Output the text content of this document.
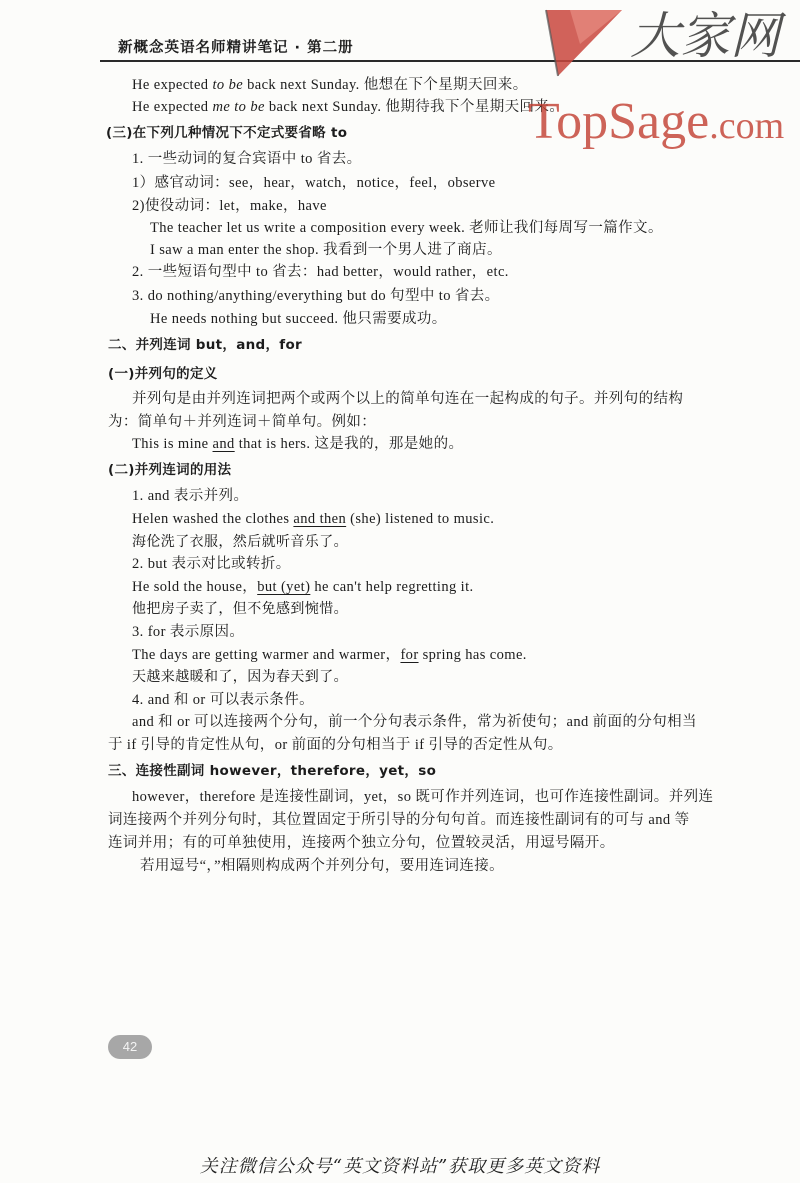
新概念英语名师精讲笔记 · 第二册	大家网
TopSage.com
He expected to be back next Sunday. 他想在下个星期天回来。
He expected me to be back next Sunday. 他期待我下个星期天回来。
(三)在下列几种情况下不定式要省略 to
1. 一些动词的复合宾语中 to 省去。
1）感官动词：see，hear，watch，notice，feel，observe
2)使役动词：let，make，have
The teacher let us write a composition every week. 老师让我们每周写一篇作文。
I saw a man enter the shop. 我看到一个男人进了商店。
2. 一些短语句型中 to 省去：had better，would rather，etc.
3. do nothing/anything/everything but do 句型中 to 省去。
He needs nothing but succeed. 他只需要成功。
二、并列连词 but，and，for
(一)并列句的定义
并列句是由并列连词把两个或两个以上的简单句连在一起构成的句子。并列句的结构
为：简单句＋并列连词＋简单句。例如：
This is mine and that is hers. 这是我的，那是她的。
(二)并列连词的用法
1. and 表示并列。
Helen washed the clothes and then (she) listened to music.
海伦洗了衣服，然后就听音乐了。
2. but 表示对比或转折。
He sold the house，but (yet) he can't help regretting it.
他把房子卖了，但不免感到惋惜。
3. for 表示原因。
The days are getting warmer and warmer，for spring has come.
天越来越暖和了，因为春天到了。
4. and 和 or 可以表示条件。
and 和 or 可以连接两个分句，前一个分句表示条件，常为祈使句；and 前面的分句相当
于 if 引导的肯定性从句，or 前面的分句相当于 if 引导的否定性从句。
三、连接性副词 however，therefore，yet，so
however，therefore 是连接性副词，yet，so 既可作并列连词，也可作连接性副词。并列连
词连接两个并列分句时，其位置固定于所引导的分句句首。而连接性副词有的可与 and 等
连词并用；有的可单独使用，连接两个独立分句，位置较灵活，用逗号隔开。
若用逗号“，”相隔则构成两个并列分句，要用连词连接。
42
关注微信公众号“英文资料站”获取更多英文资料
